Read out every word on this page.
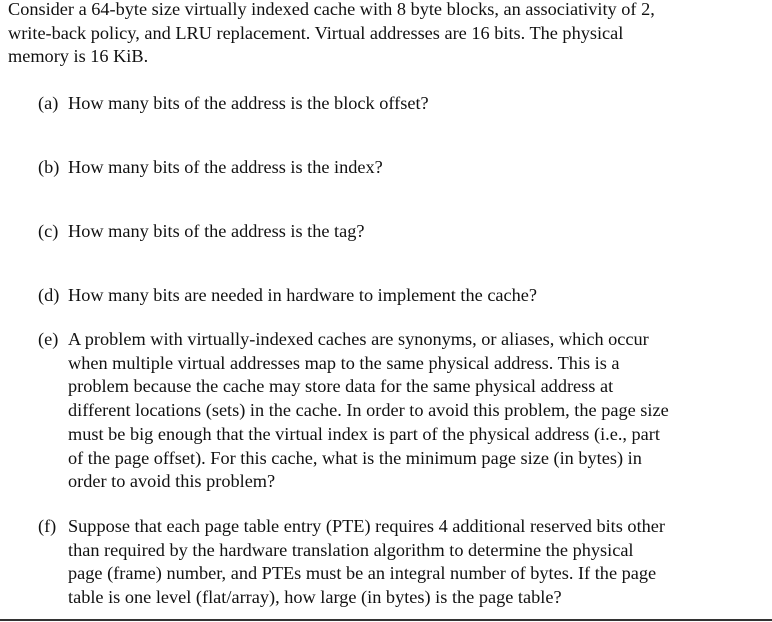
Consider a 64-byte size virtually indexed cache with 8 byte blocks, an associativity of 2,
write-back policy, and LRU replacement. Virtual addresses are 16 bits. The physical
memory is 16 KiB.
(a) How many bits of the address is the block offset?
(b) How many bits of the address is the index?
(c) How many bits of the address is the tag?
(d) How many bits are needed in hardware to implement the cache?
(e) A problem with virtually-indexed caches are synonyms, or aliases, which occur
when multiple virtual addresses map to the same physical address. This is a
problem because the cache may store data for the same physical address at
different locations (sets) in the cache. In order to avoid this problem, the page size
must be big enough that the virtual index is part of the physical address (i.e., part
of the page offset). For this cache, what is the minimum page size (in bytes) in
order to avoid this problem?
(f) Suppose that each page table entry (PTE) requires 4 additional reserved bits other
than required by the hardware translation algorithm to determine the physical
page (frame) number, and PTEs must be an integral number of bytes. If the page
table is one level (flat/array), how large (in bytes) is the page table?
